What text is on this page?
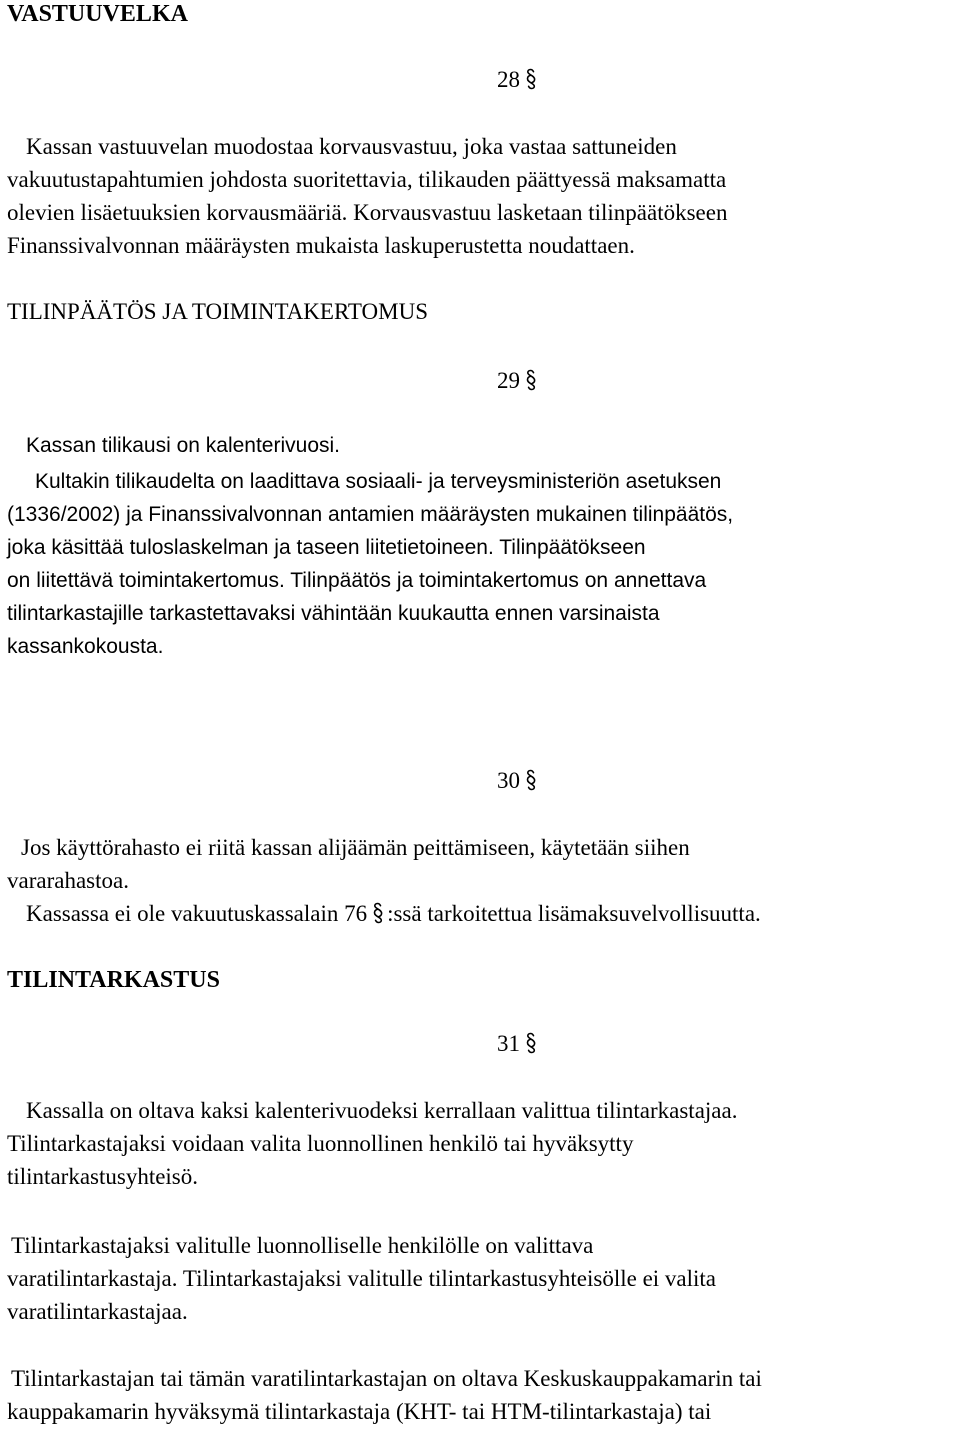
VASTUUVELKA
28
Kassan vastuuvelan muodostaa korvausvastuu, joka vastaa sattuneiden
vakuutustapahtumien johdosta suoritettavia, tilikauden päättyessä maksamatta
olevien lisäetuuksien korvausmääriä. Korvausvastuu lasketaan tilinpäätökseen
Finanssivalvonnan määräysten mukaista laskuperustetta noudattaen.
TILINPÄÄTÖS JA TOIMINTAKERTOMUS
29
Kassan tilikausi on kalenterivuosi.
Kultakin tilikaudelta on laadittava sosiaali- ja terveysministeriön asetuksen
(1336/2002) ja Finanssivalvonnan antamien määräysten mukainen tilinpäätös,
joka käsittää tuloslaskelman ja taseen liitetietoineen. Tilinpäätökseen
on liitettävä toimintakertomus. Tilinpäätös ja toimintakertomus on annettava
tilintarkastajille tarkastettavaksi vähintään kuukautta ennen varsinaista
kassankokousta.
30
Jos käyttörahasto ei riitä kassan alijäämän peittämiseen, käytetään siihen
vararahastoa.
Kassassa ei ole vakuutuskassalain 76 :ssä tarkoitettua lisämaksuvelvollisuutta.
TILINTARKASTUS
31
Kassalla on oltava kaksi kalenterivuodeksi kerrallaan valittua tilintarkastajaa.
Tilintarkastajaksi voidaan valita luonnollinen henkilö tai hyväksytty
tilintarkastusyhteisö.
Tilintarkastajaksi valitulle luonnolliselle henkilölle on valittava
varatilintarkastaja. Tilintarkastajaksi valitulle tilintarkastusyhteisölle ei valita
varatilintarkastajaa.
Tilintarkastajan tai tämän varatilintarkastajan on oltava Keskuskauppakamarin tai
kauppakamarin hyväksymä tilintarkastaja (KHT- tai HTM-tilintarkastaja) tai
